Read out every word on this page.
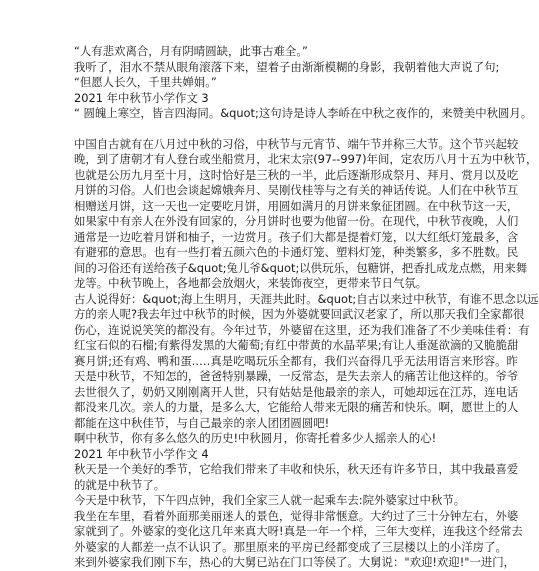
“人有悲欢离合，月有阴晴圆缺，此事古难全。”

我听了，泪水不禁从眼角滚落下来，望着子由渐渐模糊的身影，我朝着他大声说了句;

“但愿人长久，千里共婵娟。”

2021 年中秋节小学作文 3

“ 圆魄上寒空，皆言四海同。&quot;这句诗是诗人李峤在中秋之夜作的，来赞美中秋圆月。

中国自古就有在八月过中秋的习俗，中秋节与元宵节、端午节并称三大节。这个节兴起较

晚，到了唐朝才有人登台或坐船赏月，北宋太宗(97--997)年间，定农历八月十五为中秋节，

也就是公历九月至十月，这时恰好是三秋的一半，此后逐渐形成祭月、拜月、赏月以及吃

月饼的习俗。人们也会谈起嫦娥奔月、吴刚伐桂等与之有关的神话传说。人们在中秋节互

相赠送月饼，这一天也一定要吃月饼，用圆如满月的月饼来象征团圆。在中秋节这一天，

如果家中有亲人在外没有回家的，分月饼时也要为他留一份。在现代，中秋节夜晚，人们

通常是一边吃着月饼和柚子，一边赏月。孩子们大都是提着灯笼，以大红纸灯笼最多，含

有避邪的意思。也有一些打着五颜六色的卡通灯笼、塑料灯笼，种类繁多，多不胜数。民

间的习俗还有送给孩子&quot;兔儿爷&quot;以供玩乐，包糖饼，把香扎成龙点燃，用来舞

龙等。中秋节晚上，各地都会放烟火，来装饰夜空，更带来节日气氛。

古人说得好：&quot;海上生明月，天涯共此时。&quot;自古以来过中秋节，有谁不思念以远

方的亲人呢?我去年过中秋节的时候，因为外婆就要回武汉老家了，所以那天我们全家都很

伤心，连说说笑笑的都没有。今年过节，外婆留在这里，还为我们准备了不少美味佳肴：有

红宝石似的石榴;有紫得发黑的大葡萄;有红中带黄的水晶苹果;有让人垂涎欲滴的又脆脆甜

赛月饼;还有鸡、鸭和蛋..…真是吃喝玩乐全都有，我们兴奋得几乎无法用语言来形容。昨

天是中秋节，不知怎的，爸爸特别暴躁，一反常态，是失去亲人的痛苦让他这样的。爷爷

去世很久了，奶奶又刚刚离开人世，只有姑姑是他最亲的亲人，可她却远在江苏，连电话

都没来几次。亲人的力量，是多么大，它能给人带来无限的痛苦和快乐。啊，愿世上的人

都能在这中秋佳节，与自己最亲的亲人团团圆圆吧!

啊中秋节，你有多么悠久的历史!中秋圆月，你寄托着多少人摇亲人的心!

2021 年中秋节小学作文 4

秋天是一个美好的季节，它给我们带来了丰收和快乐，秋天还有许多节日，其中我最喜爱

的就是中秋节了。

今天是中秋节，下午四点钟，我们全家三人就一起乘车去:院外婆家过中秋节。

我坐在车里，看着外面那美丽迷人的景色，觉得非常惬意。大约过了三十分钟左右，外婆

家就到了。外婆家的变化这几年来真大呀!真是一年一个样，三年大变样，连我这个经常去

外婆家的人都差一点不认识了。那里原来的平房已经都变成了三层楼以上的小洋房了。

来到外婆家我们刚下车，热心的大舅已站在门口等侯了。大舅说："欢迎!欢迎!"一进门，
